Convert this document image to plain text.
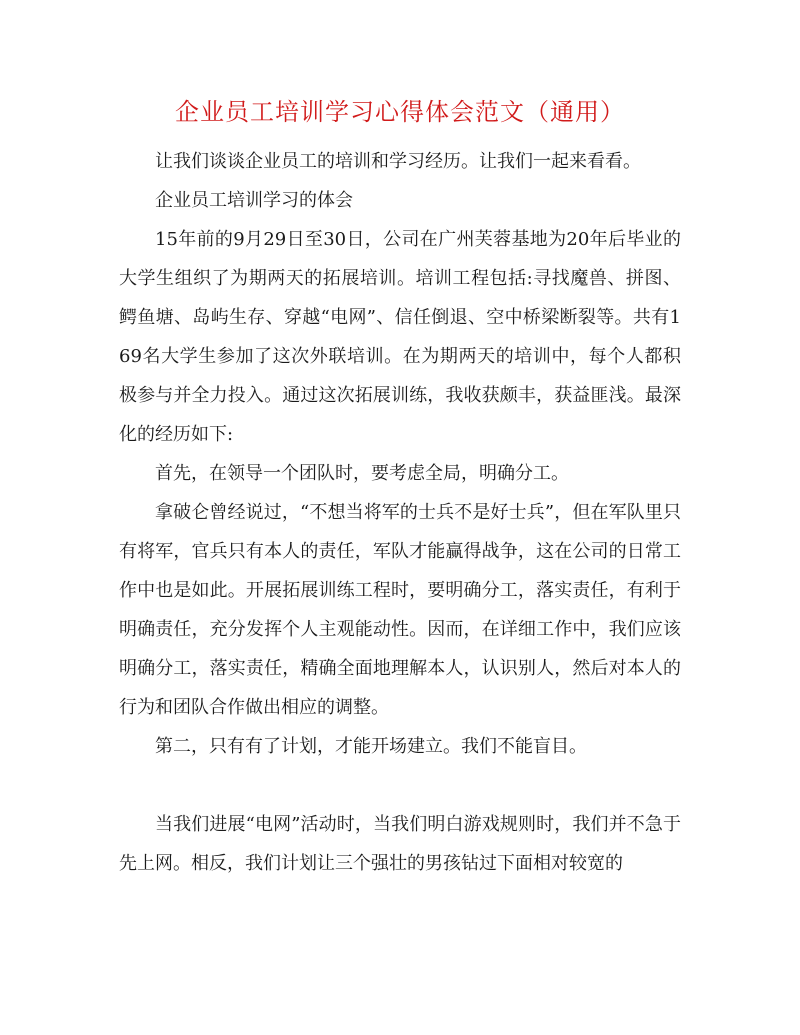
企业员工培训学习心得体会范文（通用）

让我们谈谈企业员工的培训和学习经历。让我们一起来看看。

企业员工培训学习的体会

15年前的9月29日至30日，公司在广州芙蓉基地为20年后毕业的大学生组织了为期两天的拓展培训。培训工程包括:寻找魔兽、拼图、鳄鱼塘、岛屿生存、穿越“电网”、信任倒退、空中桥梁断裂等。共有169名大学生参加了这次外联培训。在为期两天的培训中，每个人都积极参与并全力投入。通过这次拓展训练，我收获颇丰，获益匪浅。最深化的经历如下:

首先，在领导一个团队时，要考虑全局，明确分工。

拿破仑曾经说过，“不想当将军的士兵不是好士兵”，但在军队里只有将军，官兵只有本人的责任，军队才能赢得战争，这在公司的日常工作中也是如此。开展拓展训练工程时，要明确分工，落实责任，有利于明确责任，充分发挥个人主观能动性。因而，在详细工作中，我们应该明确分工，落实责任，精确全面地理解本人，认识别人，然后对本人的行为和团队合作做出相应的调整。

第二，只有有了计划，才能开场建立。我们不能盲目。

当我们进展“电网”活动时，当我们明白游戏规则时，我们并不急于先上网。相反，我们计划让三个强壮的男孩钻过下面相对较宽的
